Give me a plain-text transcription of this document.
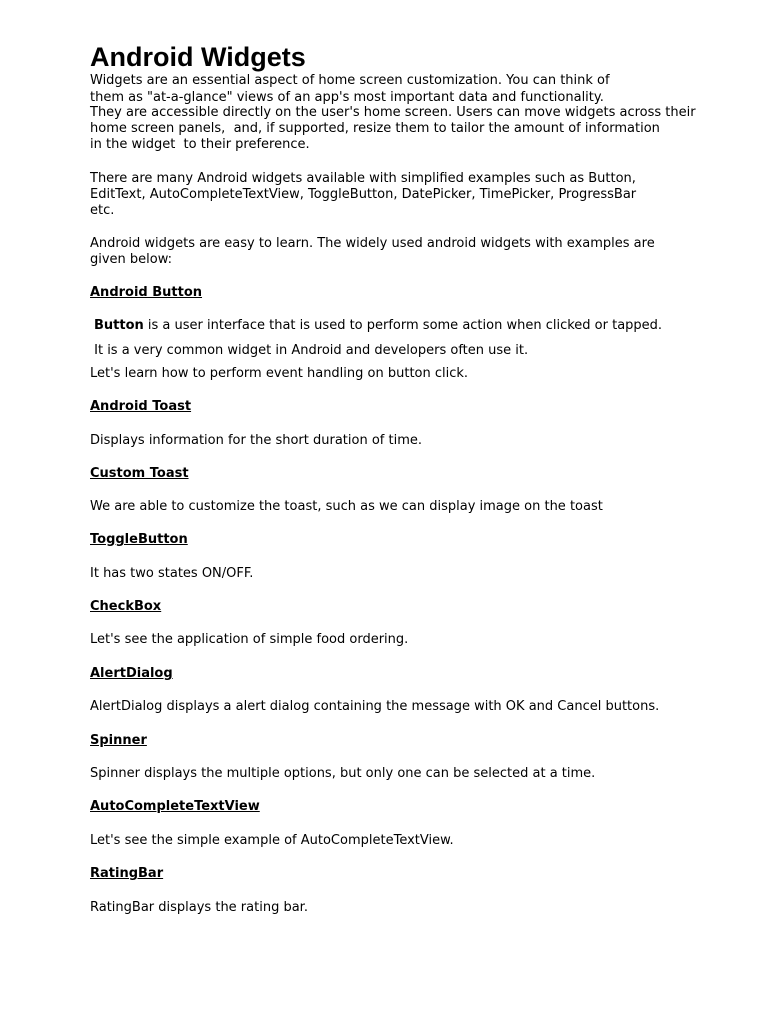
Android Widgets
Widgets are an essential aspect of home screen customization. You can think of
them as "at-a-glance" views of an app's most important data and functionality.
They are accessible directly on the user's home screen. Users can move widgets across their
home screen panels,  and, if supported, resize them to tailor the amount of information
in the widget  to their preference.
There are many Android widgets available with simplified examples such as Button,
EditText, AutoCompleteTextView, ToggleButton, DatePicker, TimePicker, ProgressBar
etc.
Android widgets are easy to learn. The widely used android widgets with examples are
given below:
Android Button
Button is a user interface that is used to perform some action when clicked or tapped.
It is a very common widget in Android and developers often use it.
Let's learn how to perform event handling on button click.
Android Toast
Displays information for the short duration of time.
Custom Toast
We are able to customize the toast, such as we can display image on the toast
ToggleButton
It has two states ON/OFF.
CheckBox
Let's see the application of simple food ordering.
AlertDialog
AlertDialog displays a alert dialog containing the message with OK and Cancel buttons.
Spinner
Spinner displays the multiple options, but only one can be selected at a time.
AutoCompleteTextView
Let's see the simple example of AutoCompleteTextView.
RatingBar
RatingBar displays the rating bar.
